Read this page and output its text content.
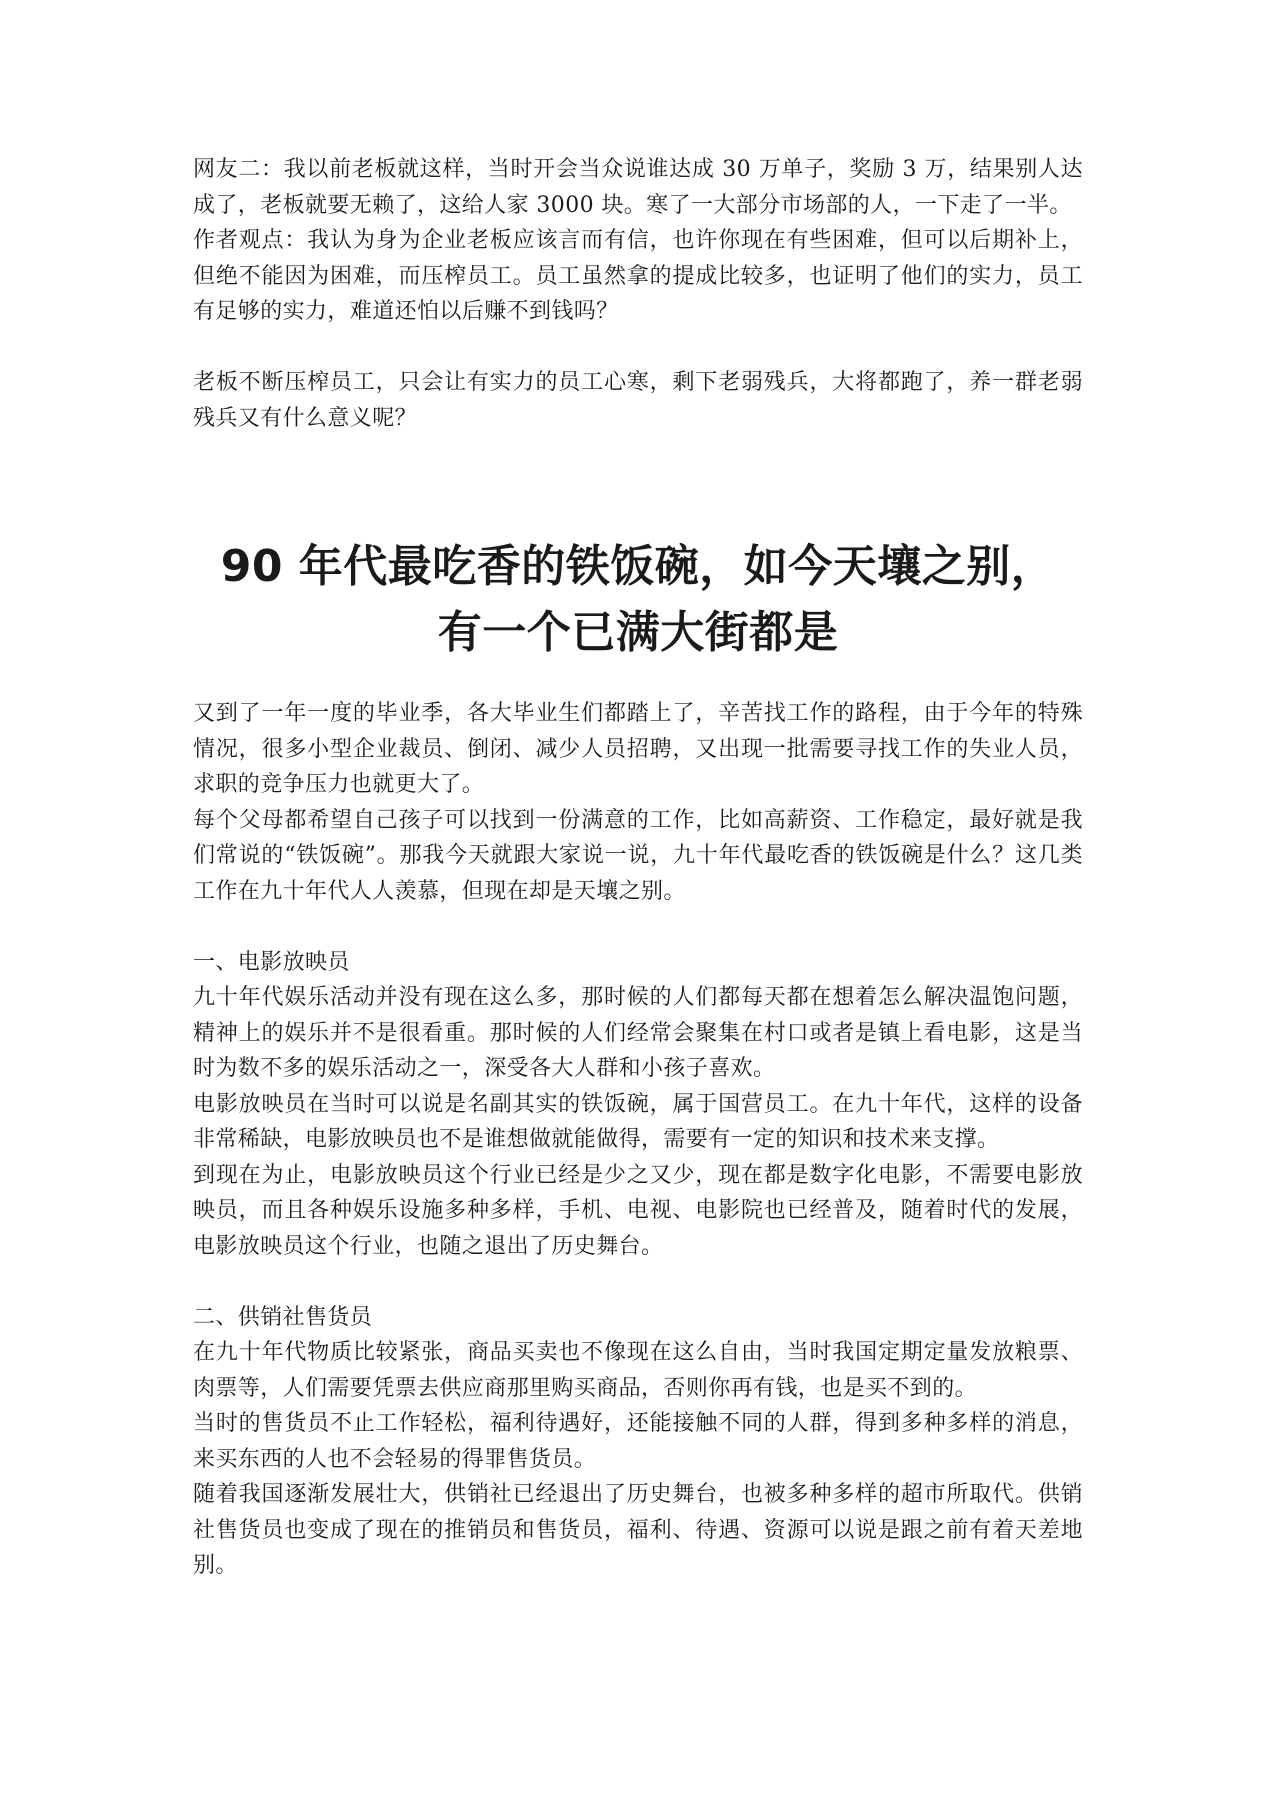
网友二：我以前老板就这样，当时开会当众说谁达成 30 万单子，奖励 3 万，结果别人达成了，老板就要无赖了，这给人家 3000 块。寒了一大部分市场部的人，一下走了一半。

作者观点：我认为身为企业老板应该言而有信，也许你现在有些困难，但可以后期补上，但绝不能因为困难，而压榨员工。员工虽然拿的提成比较多，也证明了他们的实力，员工有足够的实力，难道还怕以后赚不到钱吗？

老板不断压榨员工，只会让有实力的员工心寒，剩下老弱残兵，大将都跑了，养一群老弱残兵又有什么意义呢？

90 年代最吃香的铁饭碗，如今天壤之别，
有一个已满大街都是

又到了一年一度的毕业季，各大毕业生们都踏上了，辛苦找工作的路程，由于今年的特殊情况，很多小型企业裁员、倒闭、减少人员招聘，又出现一批需要寻找工作的失业人员，求职的竞争压力也就更大了。

每个父母都希望自己孩子可以找到一份满意的工作，比如高薪资、工作稳定，最好就是我们常说的“铁饭碗”。那我今天就跟大家说一说，九十年代最吃香的铁饭碗是什么？这几类工作在九十年代人人羡慕，但现在却是天壤之别。

一、电影放映员

九十年代娱乐活动并没有现在这么多，那时候的人们都每天都在想着怎么解决温饱问题，精神上的娱乐并不是很看重。那时候的人们经常会聚集在村口或者是镇上看电影，这是当时为数不多的娱乐活动之一，深受各大人群和小孩子喜欢。

电影放映员在当时可以说是名副其实的铁饭碗，属于国营员工。在九十年代，这样的设备非常稀缺，电影放映员也不是谁想做就能做得，需要有一定的知识和技术来支撑。

到现在为止，电影放映员这个行业已经是少之又少，现在都是数字化电影，不需要电影放映员，而且各种娱乐设施多种多样，手机、电视、电影院也已经普及，随着时代的发展，电影放映员这个行业，也随之退出了历史舞台。

二、供销社售货员

在九十年代物质比较紧张，商品买卖也不像现在这么自由，当时我国定期定量发放粮票、肉票等，人们需要凭票去供应商那里购买商品，否则你再有钱，也是买不到的。

当时的售货员不止工作轻松，福利待遇好，还能接触不同的人群，得到多种多样的消息，来买东西的人也不会轻易的得罪售货员。

随着我国逐渐发展壮大，供销社已经退出了历史舞台，也被多种多样的超市所取代。供销社售货员也变成了现在的推销员和售货员，福利、待遇、资源可以说是跟之前有着天差地别。
